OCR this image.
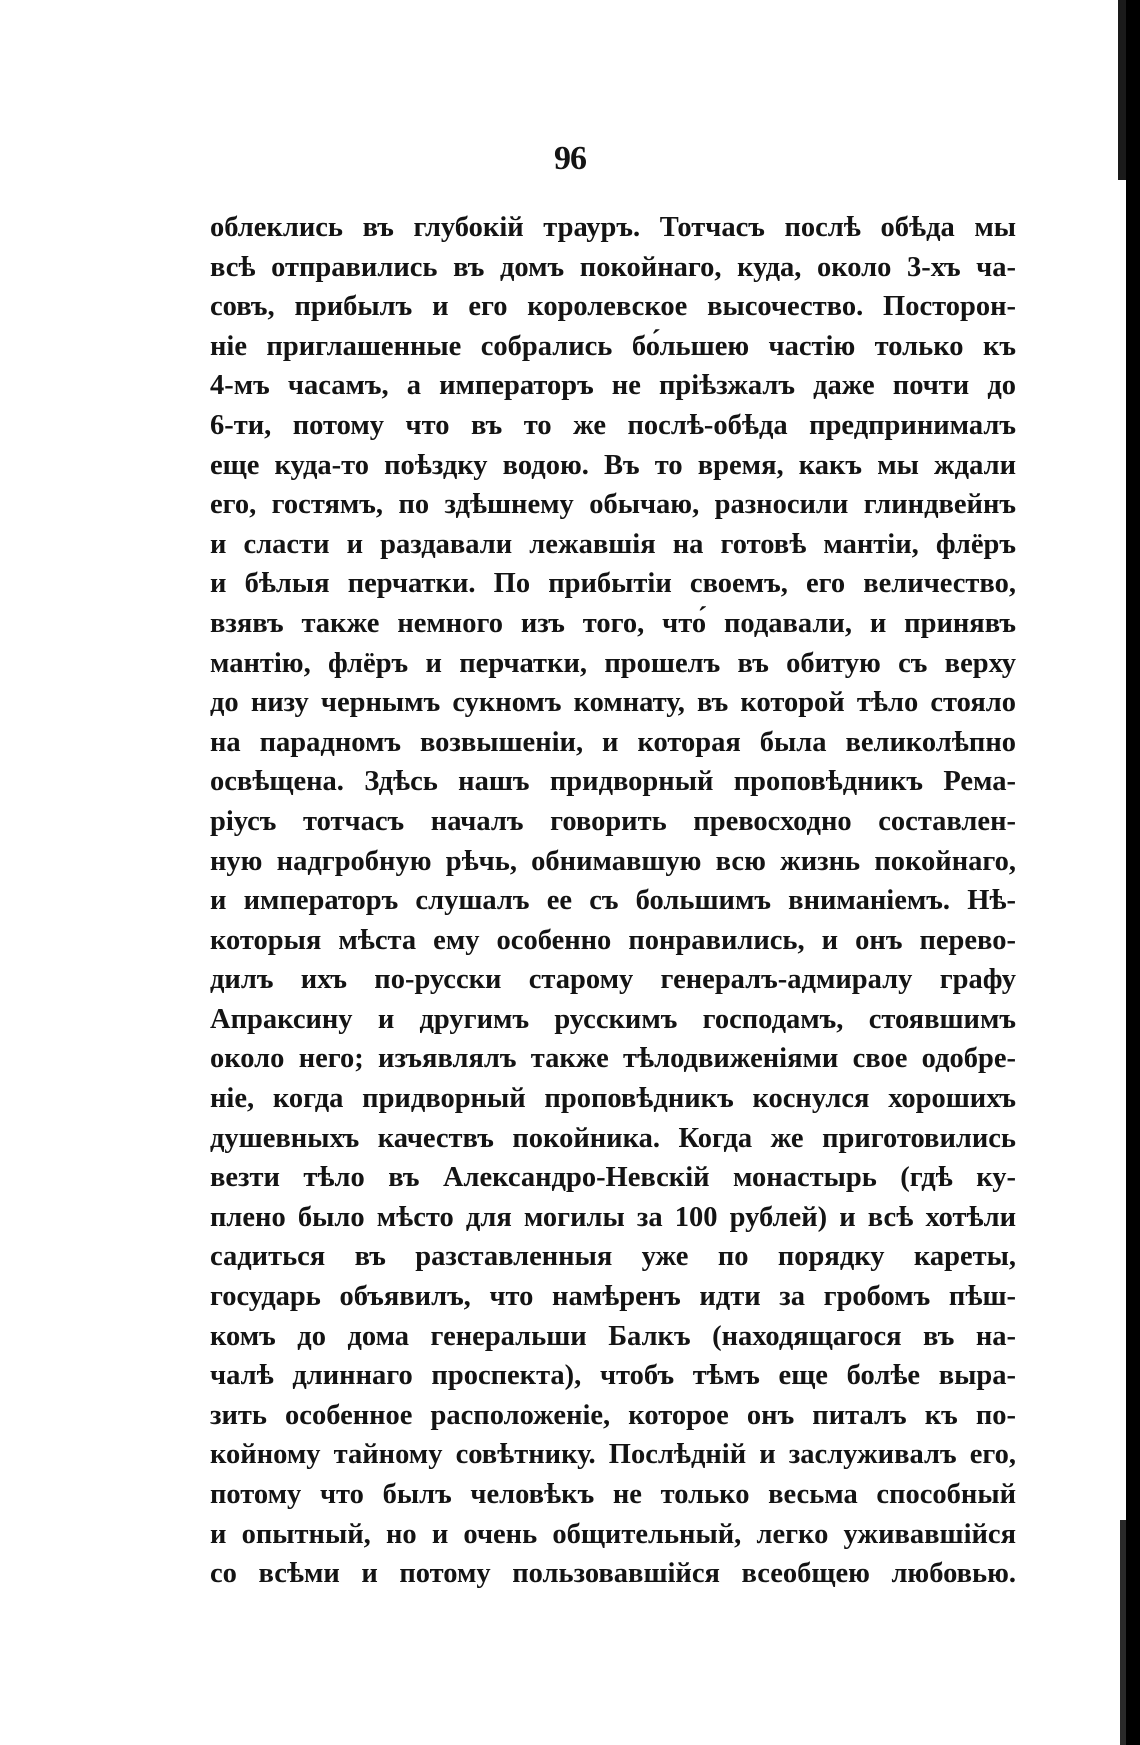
96
облеклись въ глубокій трауръ. Тотчасъ послѣ обѣда мы
всѣ отправились въ домъ покойнаго, куда, около 3-хъ ча-
совъ, прибылъ и его королевское высочество. Посторон-
ніе приглашенные собрались бо́льшею частію только къ
4-мъ часамъ, а императоръ не пріѣзжалъ даже почти до
6-ти, потому что въ то же послѣ-обѣда предпринималъ
еще куда-то поѣздку водою. Въ то время, какъ мы ждали
его, гостямъ, по здѣшнему обычаю, разносили глиндвейнъ
и сласти и раздавали лежавшія на готовѣ мантіи, флёръ
и бѣлыя перчатки. По прибытіи своемъ, его величество,
взявъ также немного изъ того, что́ подавали, и принявъ
мантію, флёръ и перчатки, прошелъ въ обитую съ верху
до низу чернымъ сукномъ комнату, въ которой тѣло стояло
на парадномъ возвышеніи, и которая была великолѣпно
освѣщена. Здѣсь нашъ придворный проповѣдникъ Рема-
ріусъ тотчасъ началъ говорить превосходно составлен-
ную надгробную рѣчь, обнимавшую всю жизнь покойнаго,
и императоръ слушалъ ее съ большимъ вниманіемъ. Нѣ-
которыя мѣста ему особенно понравились, и онъ перево-
дилъ ихъ по-русски старому генералъ-адмиралу графу
Апраксину и другимъ русскимъ господамъ, стоявшимъ
около него; изъявлялъ также тѣлодвиженіями свое одобре-
ніе, когда придворный проповѣдникъ коснулся хорошихъ
душевныхъ качествъ покойника. Когда же приготовились
везти тѣло въ Александро-Невскій монастырь (гдѣ ку-
плено было мѣсто для могилы за 100 рублей) и всѣ хотѣли
садиться въ разставленныя уже по порядку кареты,
государь объявилъ, что намѣренъ идти за гробомъ пѣш-
комъ до дома генеральши Балкъ (находящагося въ на-
чалѣ длиннаго проспекта), чтобъ тѣмъ еще болѣе выра-
зить особенное расположеніе, которое онъ питалъ къ по-
койному тайному совѣтнику. Послѣдній и заслуживалъ его,
потому что былъ человѣкъ не только весьма способный
и опытный, но и очень общительный, легко уживавшійся
со всѣми и потому пользовавшійся всеобщею любовью.
